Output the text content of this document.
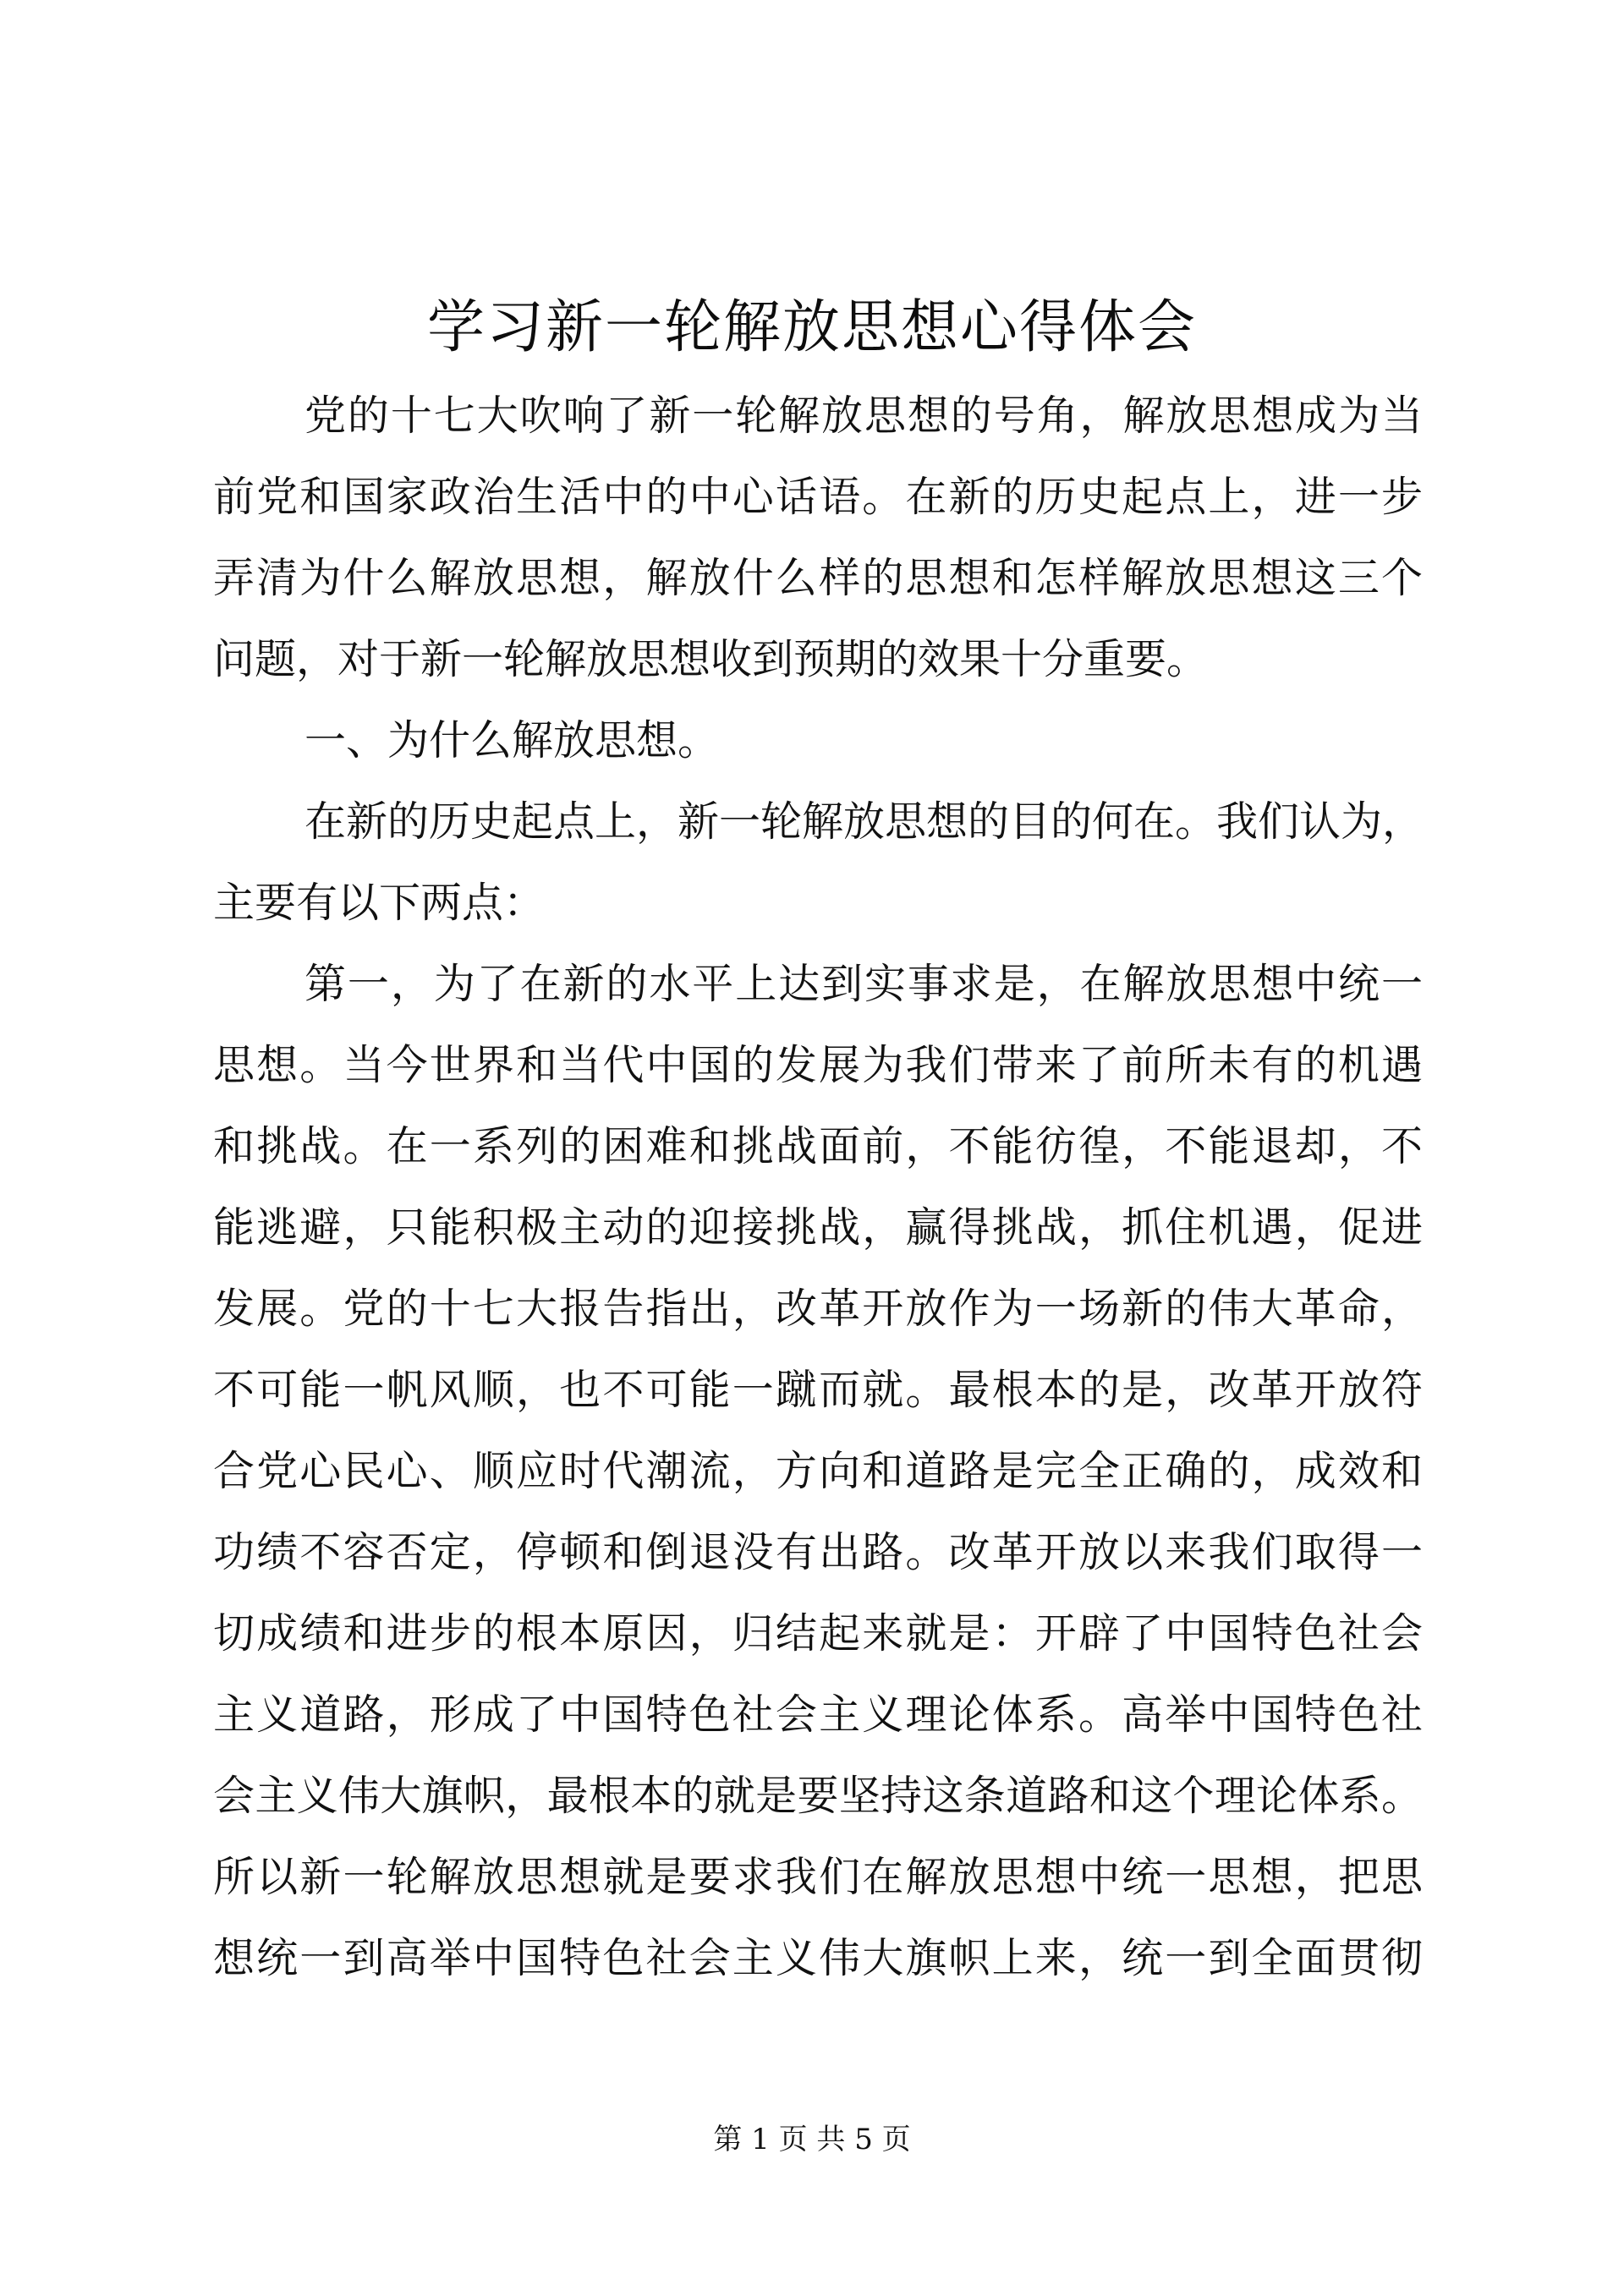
学习新一轮解放思想心得体会
党的十七大吹响了新一轮解放思想的号角，解放思想成为当
前党和国家政治生活中的中心话语。在新的历史起点上，进一步
弄清为什么解放思想，解放什么样的思想和怎样解放思想这三个
问题，对于新一轮解放思想收到预期的效果十分重要。
一、为什么解放思想。
在新的历史起点上，新一轮解放思想的目的何在。我们认为，
主要有以下两点：
第一，为了在新的水平上达到实事求是，在解放思想中统一
思想。当今世界和当代中国的发展为我们带来了前所未有的机遇
和挑战。在一系列的困难和挑战面前，不能彷徨，不能退却，不
能逃避，只能积极主动的迎接挑战，赢得挑战，抓住机遇，促进
发展。党的十七大报告指出，改革开放作为一场新的伟大革命，
不可能一帆风顺，也不可能一蹴而就。最根本的是，改革开放符
合党心民心、顺应时代潮流，方向和道路是完全正确的，成效和
功绩不容否定，停顿和倒退没有出路。改革开放以来我们取得一
切成绩和进步的根本原因，归结起来就是：开辟了中国特色社会
主义道路，形成了中国特色社会主义理论体系。高举中国特色社
会主义伟大旗帜，最根本的就是要坚持这条道路和这个理论体系。
所以新一轮解放思想就是要求我们在解放思想中统一思想，把思
想统一到高举中国特色社会主义伟大旗帜上来，统一到全面贯彻
第 1 页 共 5 页
